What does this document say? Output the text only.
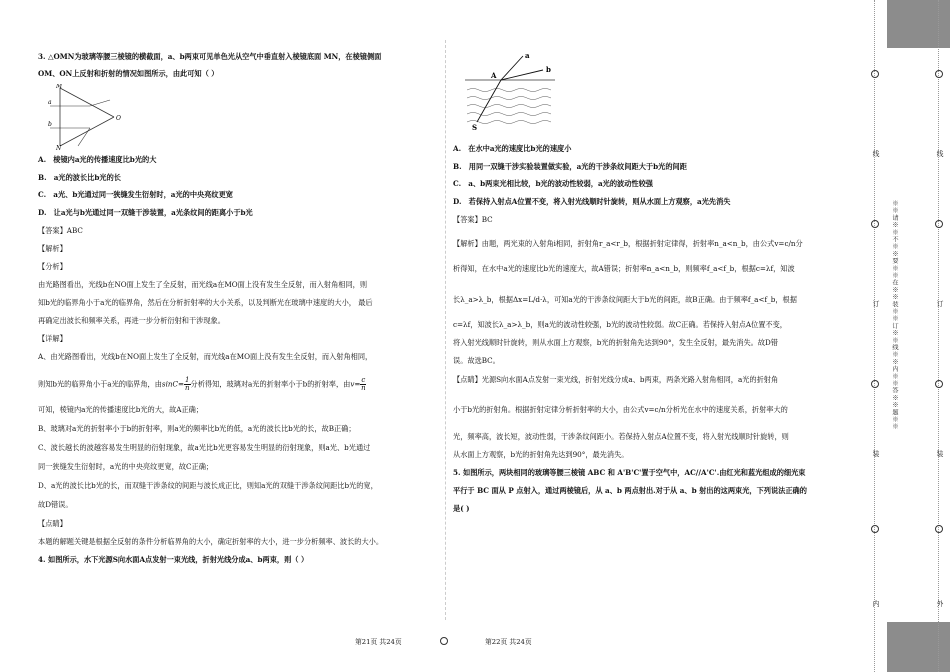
3. △OMN为玻璃等腰三棱镜的横截面，a、b两束可见单色光从空气中垂直射入棱镜底面 MN，在棱镜侧面
OM、ON上反射和折射的情况如图所示，由此可知（ ）
M
O
N
a
b
A.　棱镜内a光的传播速度比b光的大
B.　a光的波长比b光的长
C.　a光、b光通过同一狭缝发生衍射时，a光的中央亮纹更宽
D.　让a光与b光通过同一双缝干涉装置，a光条纹间的距离小于b光
【答案】ABC
【解析】
【分析】
由光路图看出，光线b在NO面上发生了全反射，而光线a在MO面上没有发生全反射，而入射角相同，则
知b光的临界角小于a光的临界角，然后在分析折射率的大小关系，以及判断光在玻璃中速度的大小， 最后
再确定出波长和频率关系，再进一步分析衍射和干涉现象。
【详解】
A、由光路图看出，光线b在NO面上发生了全反射，而光线a在MO面上没有发生全反射，而入射角相同，
则知b光的临界角小于a光的临界角，由$\sin C= \frac{1}{n}$ 分析得知，玻璃对a光的折射率小于b的折射率，由$v= \frac{c}{n}$
可知，棱镜内a光的传播速度比b光的大，故A正确；
B、玻璃对a光的折射率小于b的折射率，则a光的频率比b光的低，a光的波长比b光的长，故B正确；
C、波长越长的波越容易发生明显的衍射现象，故a光比b光更容易发生明显的衍射现象，则a光、b光通过
同一狭缝发生衍射时，a光的中央亮纹更宽，故C正确；
D、a光的波长比b光的长，而双缝干涉条纹的间距与波长成正比，则知a光的双缝干涉条纹间距比b光的宽，
故D错误。
【点睛】
本题的解题关键是根据全反射的条件分析临界角的大小，确定折射率的大小，进一步分析频率、波长的大小。
4. 如图所示，水下光源S向水面A点发射一束光线，折射光线分成a、b两束，则（ ）
第21页 共24页	第22页 共24页
a
b
A
S
A.　在水中a光的速度比b光的速度小
B.　用同一双缝干涉实验装置做实验，a光的干涉条纹间距大于b光的间距
C.　a、b两束光相比较，b光的波动性较弱，a光的波动性较强
D.　若保持入射点A位置不变，将入射光线顺时针旋转，则从水面上方观察，a光先消失
【答案】BC
【解析】由题，两光束的入射角i相同，折射角r_a<r_b，根据折射定律得，折射率n_a<n_b，由公式v=c/n分
析得知，在水中a光的速度比b光的速度大，故A错误；折射率n_a<n_b，则频率f_a<f_b，根据c=λf，知波
长λ_a>λ_b，根据Δx=L/d·λ，可知a光的干涉条纹间距大于b光的间距，故B正确。由于频率f_a<f_b，根据
c=λf，知波长λ_a>λ_b，则a光的波动性较强，b光的波动性较弱。故C正确。若保持入射点A位置不变，
将入射光线顺时针旋转，则从水面上方观察，b光的折射角先达到90°，发生全反射，最先消失。故D错
误。故选BC。
【点睛】光源S向水面A点发射一束光线，折射光线分成a、b两束，两条光路入射角相同，a光的折射角
小于b光的折射角。根据折射定律分析折射率的大小，由公式v=c/n分析光在水中的速度关系，折射率大的
光，频率高，波长短，波动性弱，干涉条纹间距小。若保持入射点A位置不变，将入射光线顺时针旋转，则
从水面上方观察，b光的折射角先达到90°，最先消失。
5. 如图所示，两块相同的玻璃等腰三棱镜 ABC 和 A'B'C'置于空气中，AC//A'C'.由红光和蓝光组成的细光束
平行于 BC 面从 P 点射入，通过两棱镜后，从 a、b 两点射出.对于从 a、b 射出的这两束光，下列说法正确的
是( )
线
订
装
内
线
订
装
外
※※请※※不※※要※※在※※装※※订※※线※※内※※答※※题※※
